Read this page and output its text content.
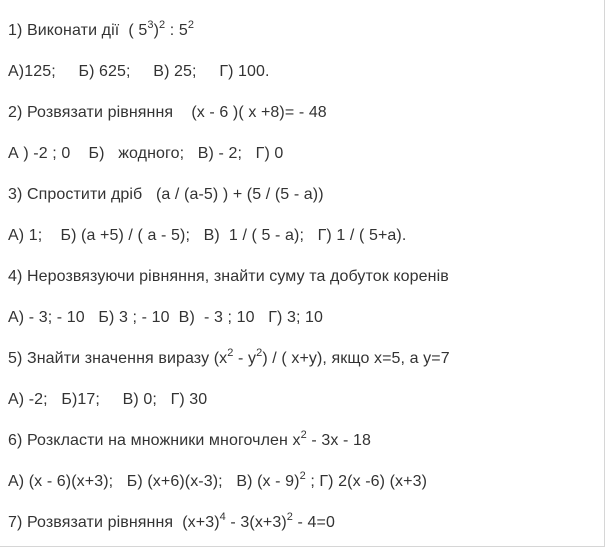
1) Виконати дії  ( $5^3)^2$ : $5^2$
А)125;     Б) 625;     В) 25;     Г) 100.
2) Розвязати рівняння    (х - 6 )( х +8)= - 48
А ) -2 ; 0    Б)   жодного;   В) - 2;   Г) 0
3) Спростити дріб   (а / (а-5) ) + (5 / (5 - а))
А) 1;    Б) (а +5) / ( а - 5);   В)  1 / ( 5 - а);   Г) 1 / ( 5+а).
4) Нерозвязуючи рівняння, знайти суму та добуток коренів
А) - 3; - 10   Б) 3 ; - 10  В)  - 3 ; 10   Г) 3; 10
5) Знайти значення виразу $(х^2 - у^2)$ / ( х+у), якщо х=5, а у=7
А) -2;   Б)17;     В) 0;   Г) 30
6) Розкласти на множники многочлен $х^2 - 3х - 18$
А) (х - 6)(х+3);   Б) (х+6)(х-3);   В) (х - 9)$^2$ ; Г) 2(х -6) (х+3)
7) Розвязати рівняння  $(х+3)^4 - 3(х+3)^2 - 4=0$
